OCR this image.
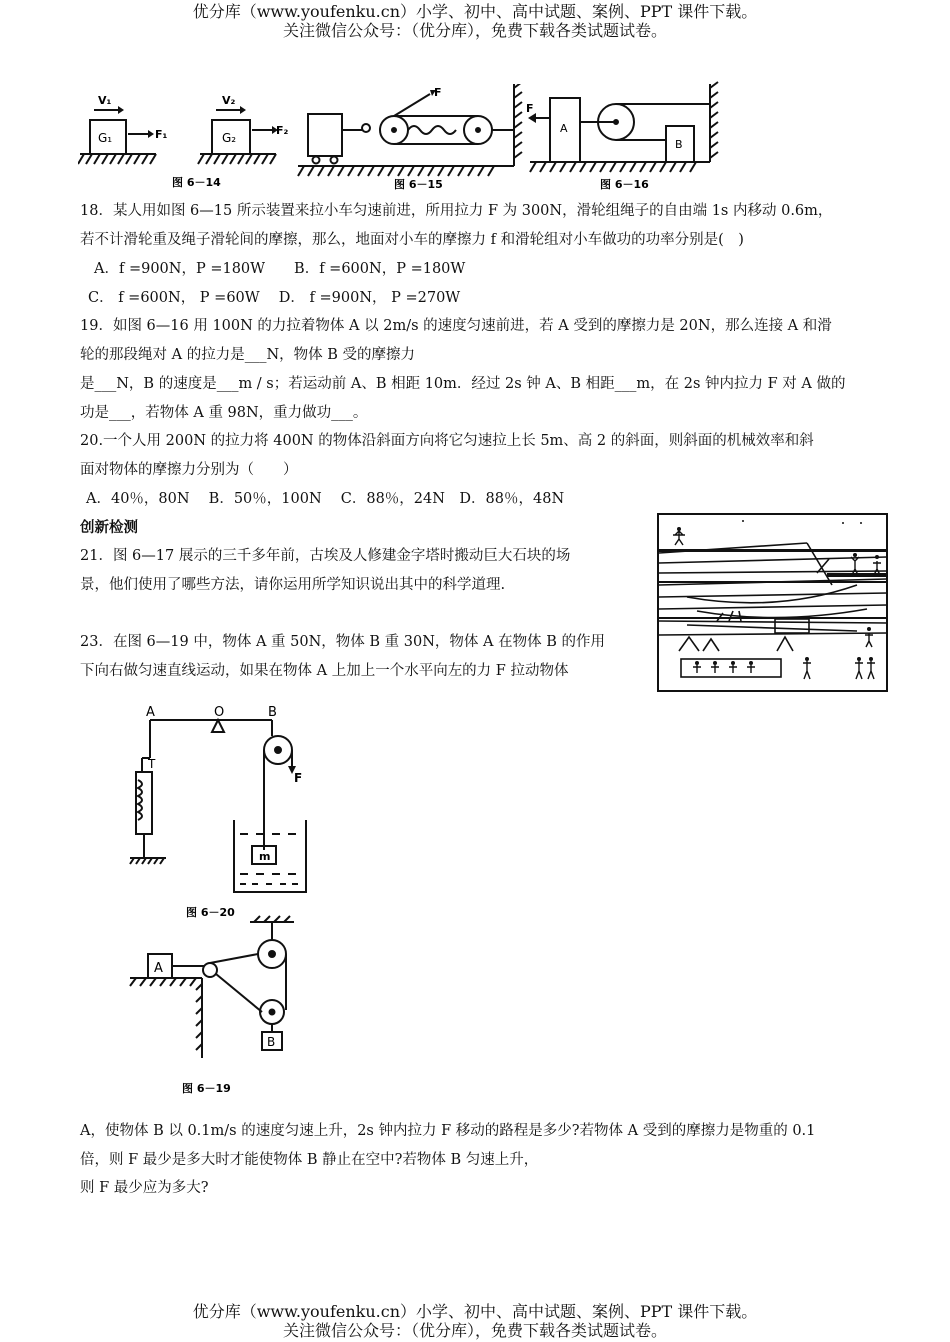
优分库（www.youfenku.cn）小学、初中、高中试题、案例、PPT 课件下载。
关注微信公众号：（优分库），免费下载各类试题试卷。
V₁	V₂
G₁	G₂
F₁	F₂
图 6－14
F
图 6－15
F
A
B
图 6－16
18．某人用如图 6—15 所示装置来拉小车匀速前进，所用拉力 F 为 300N，滑轮组绳子的自由端 1s 内移动 0.6m，
若不计滑轮重及绳子滑轮间的摩擦，那么，地面对小车的摩擦力 f 和滑轮组对小车做功的功率分别是(　)
A．f =900N，P =180W　　B．f =600N，P =180W
C． f =600N， P =60W　 D． f =900N， P =270W
19．如图 6—16 用 100N 的力拉着物体 A 以 2m/s 的速度匀速前进，若 A 受到的摩擦力是 20N，那么连接 A 和滑
轮的那段绳对 A 的拉力是___N，物体 B 受的摩擦力
是___N，B 的速度是___m / s；若运动前 A、B 相距 10m．经过 2s 钟 A、B 相距___m，在 2s 钟内拉力 F 对 A 做的
功是___，若物体 A 重 98N，重力做功___。
20.一个人用 200N 的拉力将 400N 的物体沿斜面方向将它匀速拉上长 5m、高 2 的斜面，则斜面的机械效率和斜
面对物体的摩擦力分别为（　　）
A．40％，80N　 B．50％，100N　 C．88％，24N　D．88％，48N
创新检测
21．图 6—17 展示的三千多年前，古埃及人修建金字塔时搬动巨大石块的场
景，他们使用了哪些方法，请你运用所学知识说出其中的科学道理.
23．在图 6—19 中，物体 A 重 50N，物体 B 重 30N，物体 A 在物体 B 的作用
下向右做匀速直线运动，如果在物体 A 上加上一个水平向左的力 F 拉动物体
A	O	B
T
F
m
图 6－20
A
B
图 6－19
A，使物体 B 以 0.1m/s 的速度匀速上升，2s 钟内拉力 F 移动的路程是多少?若物体 A 受到的摩擦力是物重的 0.1
倍，则 F 最少是多大时才能使物体 B 静止在空中?若物体 B 匀速上升，
则 F 最少应为多大?
优分库（www.youfenku.cn）小学、初中、高中试题、案例、PPT 课件下载。
关注微信公众号：（优分库），免费下载各类试题试卷。
